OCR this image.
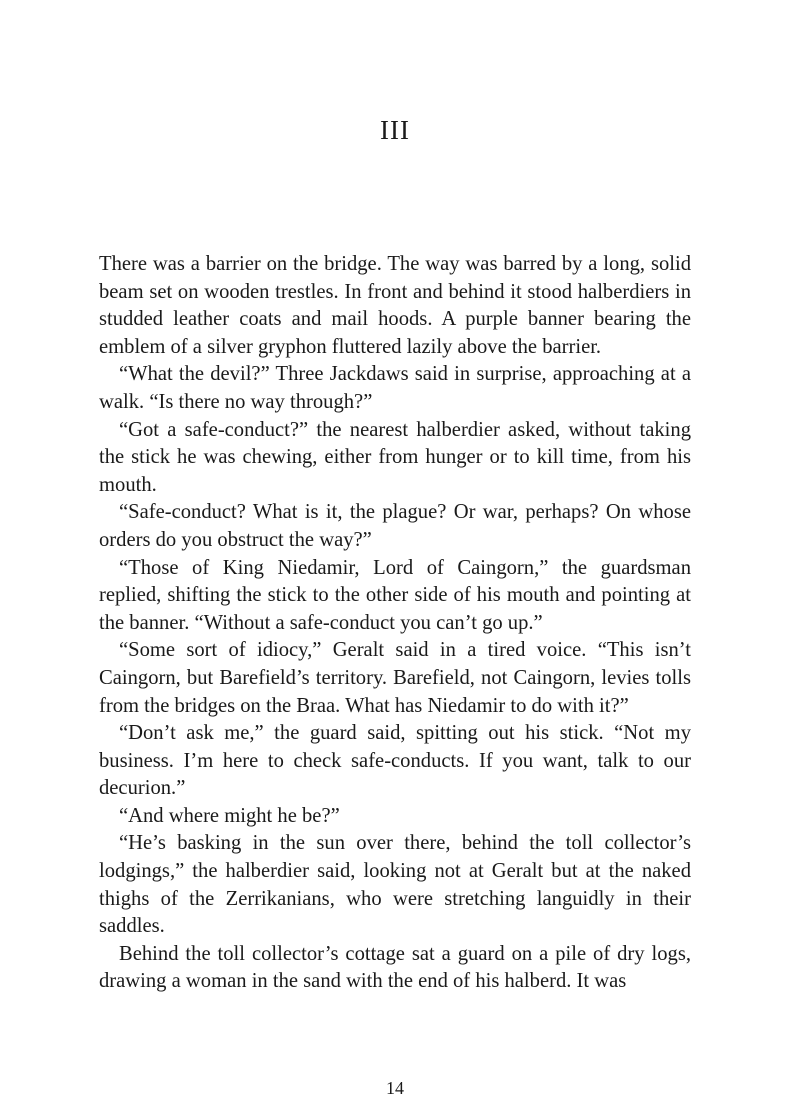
III

There was a barrier on the bridge. The way was barred by a long, solid beam set on wooden trestles. In front and behind it stood halberdiers in studded leather coats and mail hoods. A purple banner bearing the emblem of a silver gryphon fluttered lazily above the barrier.

“What the devil?” Three Jackdaws said in surprise, approaching at a walk. “Is there no way through?”

“Got a safe-conduct?” the nearest halberdier asked, without taking the stick he was chewing, either from hunger or to kill time, from his mouth.

“Safe-conduct? What is it, the plague? Or war, perhaps? On whose orders do you obstruct the way?”

“Those of King Niedamir, Lord of Caingorn,” the guardsman replied, shifting the stick to the other side of his mouth and pointing at the banner. “Without a safe-conduct you can’t go up.”

“Some sort of idiocy,” Geralt said in a tired voice. “This isn’t Caingorn, but Barefield’s territory. Barefield, not Caingorn, levies tolls from the bridges on the Braa. What has Niedamir to do with it?”

“Don’t ask me,” the guard said, spitting out his stick. “Not my business. I’m here to check safe-conducts. If you want, talk to our decurion.”

“And where might he be?”

“He’s basking in the sun over there, behind the toll collector’s lodgings,” the halberdier said, looking not at Geralt but at the naked thighs of the Zerrikanians, who were stretching languidly in their saddles.

Behind the toll collector’s cottage sat a guard on a pile of dry logs, drawing a woman in the sand with the end of his halberd. It was

14
